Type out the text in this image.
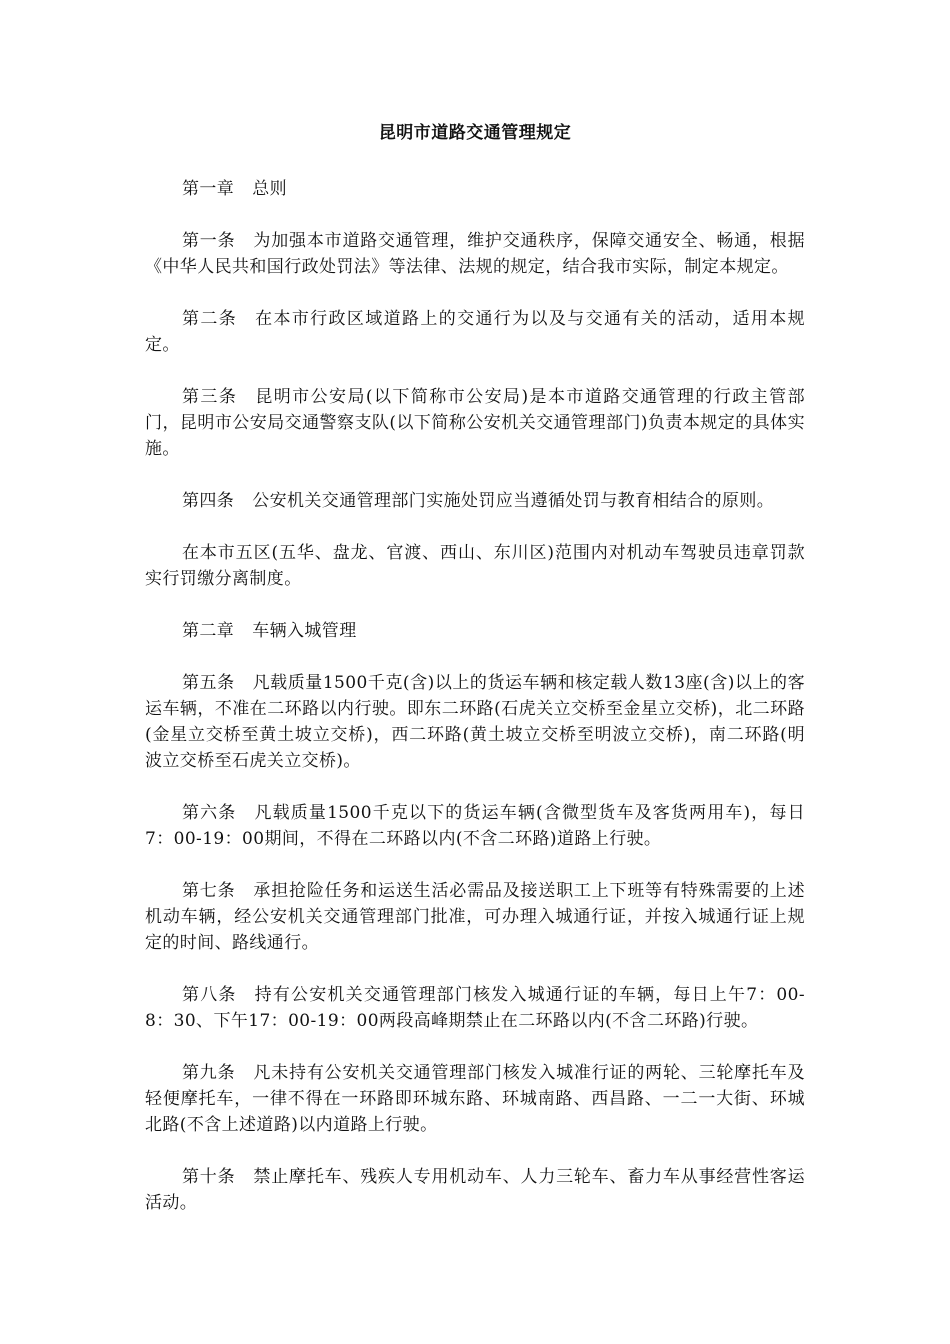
昆明市道路交通管理规定

第一章 总则

第一条 为加强本市道路交通管理，维护交通秩序，保障交通安全、畅通，根据《中华人民共和国行政处罚法》等法律、法规的规定，结合我市实际，制定本规定。

第二条 在本市行政区域道路上的交通行为以及与交通有关的活动，适用本规定。

第三条 昆明市公安局(以下简称市公安局)是本市道路交通管理的行政主管部门，昆明市公安局交通警察支队(以下简称公安机关交通管理部门)负责本规定的具体实施。

第四条 公安机关交通管理部门实施处罚应当遵循处罚与教育相结合的原则。

在本市五区(五华、盘龙、官渡、西山、东川区)范围内对机动车驾驶员违章罚款实行罚缴分离制度。

第二章 车辆入城管理

第五条 凡载质量1500千克(含)以上的货运车辆和核定载人数13座(含)以上的客运车辆，不准在二环路以内行驶。即东二环路(石虎关立交桥至金星立交桥)，北二环路(金星立交桥至黄土坡立交桥)，西二环路(黄土坡立交桥至明波立交桥)，南二环路(明波立交桥至石虎关立交桥)。

第六条 凡载质量1500千克以下的货运车辆(含微型货车及客货两用车)，每日7：00-19：00期间，不得在二环路以内(不含二环路)道路上行驶。

第七条 承担抢险任务和运送生活必需品及接送职工上下班等有特殊需要的上述机动车辆，经公安机关交通管理部门批准，可办理入城通行证，并按入城通行证上规定的时间、路线通行。

第八条 持有公安机关交通管理部门核发入城通行证的车辆，每日上午7：00-8：30、下午17：00-19：00两段高峰期禁止在二环路以内(不含二环路)行驶。

第九条 凡未持有公安机关交通管理部门核发入城准行证的两轮、三轮摩托车及轻便摩托车，一律不得在一环路即环城东路、环城南路、西昌路、一二一大街、环城北路(不含上述道路)以内道路上行驶。

第十条 禁止摩托车、残疾人专用机动车、人力三轮车、畜力车从事经营性客运活动。
